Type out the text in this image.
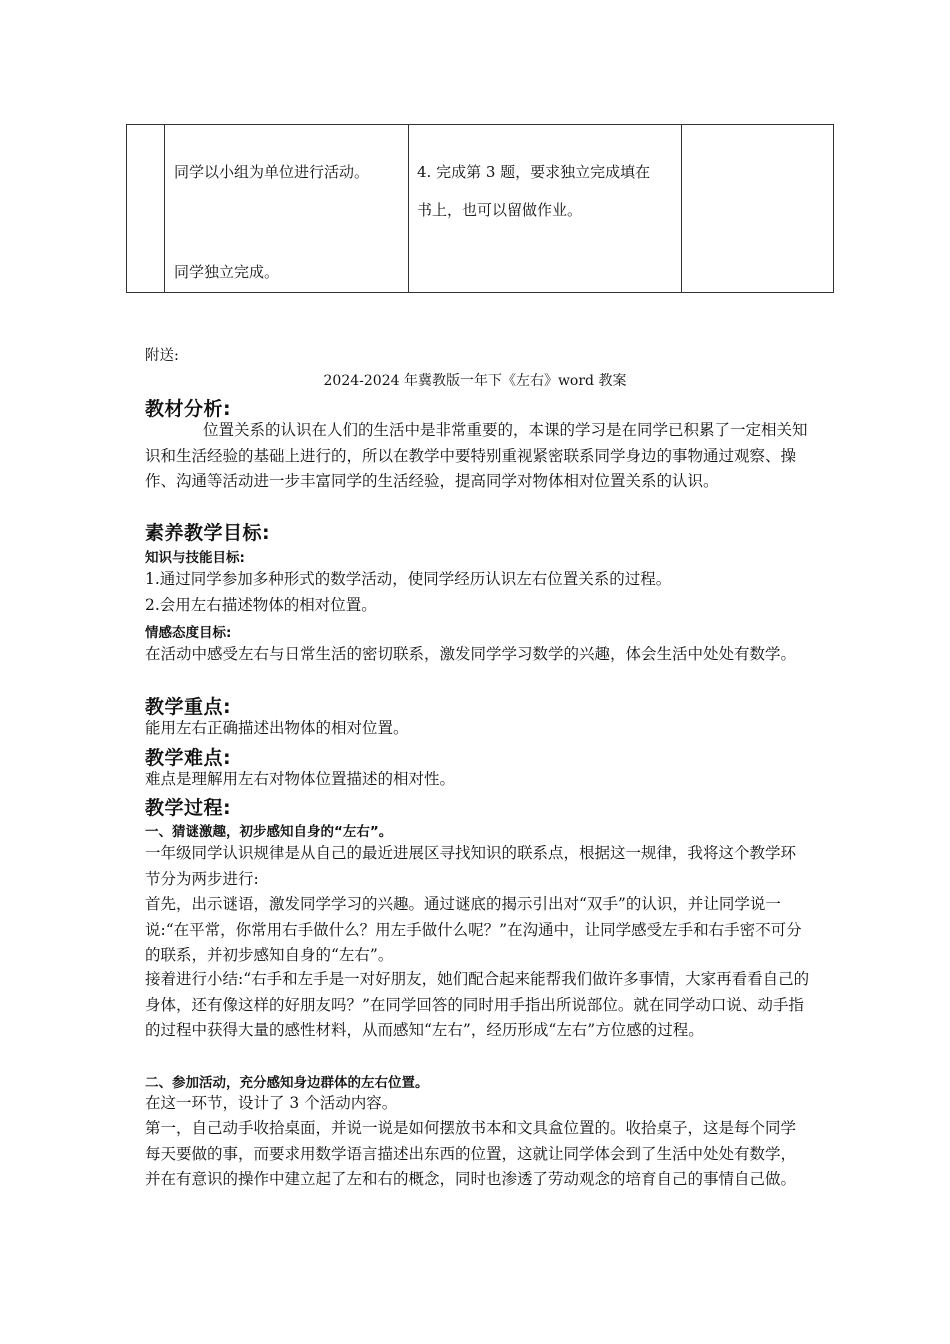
同学以小组为单位进行活动。
同学独立完成。
4. 完成第 3 题，要求独立完成填在
书上，也可以留做作业。
附送:
2024-2024 年冀教版一年下《左右》word 教案
教材分析:

位置关系的认识在人们的生活中是非常重要的，本课的学习是在同学已积累了一定相关知识和生活经验的基础上进行的，所以在教学中要特别重视紧密联系同学身边的事物通过观察、操作、沟通等活动进一步丰富同学的生活经验，提高同学对物体相对位置关系的认识。

素养教学目标:
知识与技能目标:

1.通过同学参加多种形式的数学活动，使同学经历认识左右位置关系的过程。

2.会用左右描述物体的相对位置。

情感态度目标:

在活动中感受左右与日常生活的密切联系，激发同学学习数学的兴趣，体会生活中处处有数学。

教学重点:

能用左右正确描述出物体的相对位置。

教学难点:

难点是理解用左右对物体位置描述的相对性。

教学过程:
一、猜谜激趣，初步感知自身的“左右”。

一年级同学认识规律是从自己的最近进展区寻找知识的联系点，根据这一规律，我将这个教学环节分为两步进行:

首先，出示谜语，激发同学学习的兴趣。通过谜底的揭示引出对“双手”的认识，并让同学说一说:“在平常，你常用右手做什么？用左手做什么呢？”在沟通中，让同学感受左手和右手密不可分的联系，并初步感知自身的“左右”。

接着进行小结:“右手和左手是一对好朋友，她们配合起来能帮我们做许多事情，大家再看看自己的身体，还有像这样的好朋友吗？”在同学回答的同时用手指出所说部位。就在同学动口说、动手指的过程中获得大量的感性材料，从而感知“左右”，经历形成“左右”方位感的过程。

二、参加活动，充分感知身边群体的左右位置。

在这一环节，设计了 3 个活动内容。

第一，自己动手收拾桌面，并说一说是如何摆放书本和文具盒位置的。收拾桌子，这是每个同学每天要做的事，而要求用数学语言描述出东西的位置，这就让同学体会到了生活中处处有数学，并在有意识的操作中建立起了左和右的概念，同时也渗透了劳动观念的培育自己的事情自己做。
